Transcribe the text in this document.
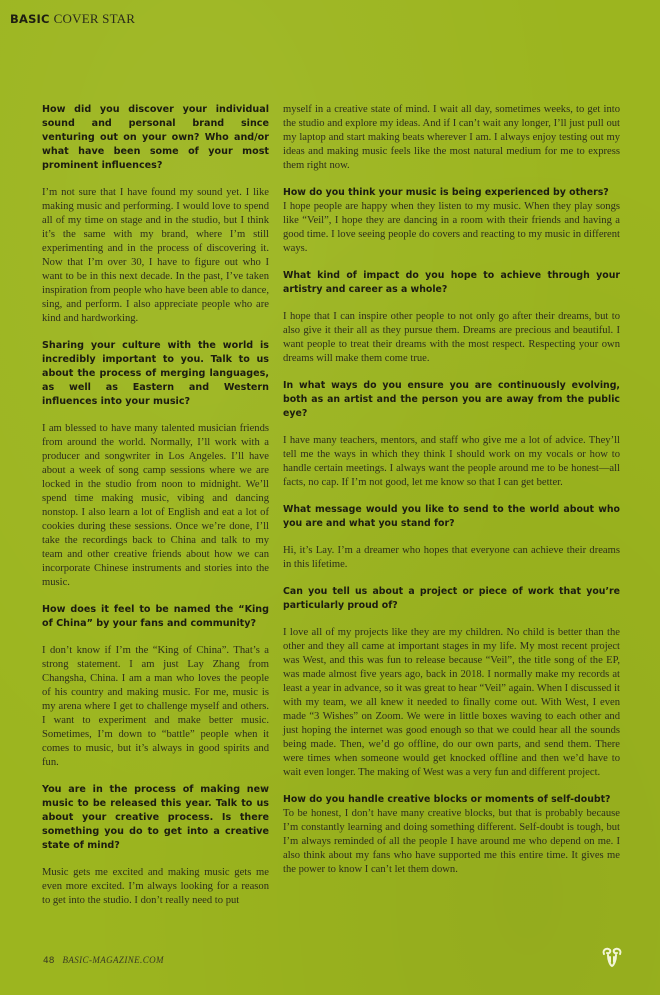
BASIC COVER STAR

How did you discover your individual sound and personal brand since venturing out on your own? Who and/or what have been some of your most prominent influences?

I’m not sure that I have found my sound yet. I like making music and performing. I would love to spend all of my time on stage and in the studio, but I think it’s the same with my brand, where I’m still experimenting and in the process of discovering it. Now that I’m over 30, I have to figure out who I want to be in this next decade. In the past, I’ve taken inspiration from people who have been able to dance, sing, and perform. I also appreciate people who are kind and hardworking.

Sharing your culture with the world is incredibly important to you. Talk to us about the process of merging languages, as well as Eastern and Western influences into your music?

I am blessed to have many talented musician friends from around the world. Normally, I’ll work with a producer and songwriter in Los Angeles. I’ll have about a week of song camp sessions where we are locked in the studio from noon to midnight. We’ll spend time making music, vibing and dancing nonstop. I also learn a lot of English and eat a lot of cookies during these sessions. Once we’re done, I’ll take the recordings back to China and talk to my team and other creative friends about how we can incorporate Chinese instruments and stories into the music.

How does it feel to be named the “King of China” by your fans and community?

I don’t know if I’m the “King of China”. That’s a strong statement. I am just Lay Zhang from Changsha, China. I am a man who loves the people of his country and making music. For me, music is my arena where I get to challenge myself and others. I want to experiment and make better music. Sometimes, I’m down to “battle” people when it comes to music, but it’s always in good spirits and fun.

You are in the process of making new music to be released this year. Talk to us about your creative process. Is there something you do to get into a creative state of mind?

Music gets me excited and making music gets me even more excited. I’m always looking for a reason to get into the studio. I don’t really need to put

myself in a creative state of mind. I wait all day, sometimes weeks, to get into the studio and explore my ideas. And if I can’t wait any longer, I’ll just pull out my laptop and start making beats wherever I am. I always enjoy testing out my ideas and making music feels like the most natural medium for me to express them right now.

How do you think your music is being experienced by others?

I hope people are happy when they listen to my music. When they play songs like “Veil”, I hope they are dancing in a room with their friends and having a good time. I love seeing people do covers and reacting to my music in different ways.

What kind of impact do you hope to achieve through your artistry and career as a whole?

I hope that I can inspire other people to not only go after their dreams, but to also give it their all as they pursue them. Dreams are precious and beautiful. I want people to treat their dreams with the most respect. Respecting your own dreams will make them come true.

In what ways do you ensure you are continuously evolving, both as an artist and the person you are away from the public eye?

I have many teachers, mentors, and staff who give me a lot of advice. They’ll tell me the ways in which they think I should work on my vocals or how to handle certain meetings. I always want the people around me to be honest—all facts, no cap. If I’m not good, let me know so that I can get better.

What message would you like to send to the world about who you are and what you stand for?

Hi, it’s Lay. I’m a dreamer who hopes that everyone can achieve their dreams in this lifetime.

Can you tell us about a project or piece of work that you’re particularly proud of?

I love all of my projects like they are my children. No child is better than the other and they all came at important stages in my life. My most recent project was West, and this was fun to release because “Veil”, the title song of the EP, was made almost five years ago, back in 2018. I normally make my records at least a year in advance, so it was great to hear “Veil” again. When I discussed it with my team, we all knew it needed to finally come out. With West, I even made “3 Wishes” on Zoom. We were in little boxes waving to each other and just hoping the internet was good enough so that we could hear all the sounds being made. Then, we’d go offline, do our own parts, and send them. There were times when someone would get knocked offline and then we’d have to wait even longer. The making of West was a very fun and different project.

How do you handle creative blocks or moments of self-doubt?

To be honest, I don’t have many creative blocks, but that is probably because I’m constantly learning and doing something different. Self-doubt is tough, but I’m always reminded of all the people I have around me who depend on me. I also think about my fans who have supported me this entire time. It gives me the power to know I can’t let them down.

48 BASIC-MAGAZINE.COM
